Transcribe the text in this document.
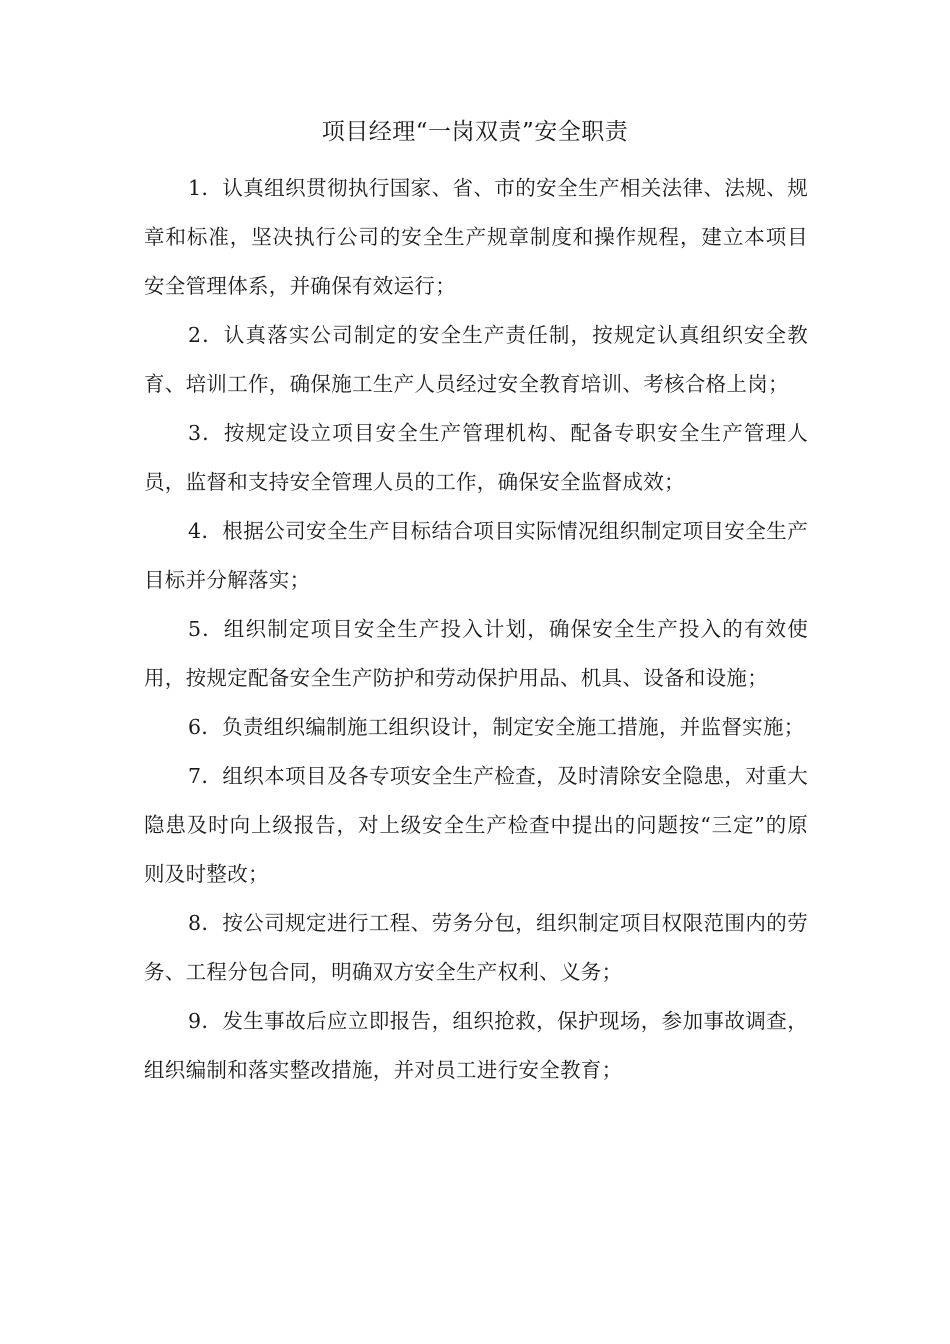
项目经理“一岗双责”安全职责

1．认真组织贯彻执行国家、省、市的安全生产相关法律、法规、规章和标准，坚决执行公司的安全生产规章制度和操作规程，建立本项目安全管理体系，并确保有效运行；

2．认真落实公司制定的安全生产责任制，按规定认真组织安全教育、培训工作，确保施工生产人员经过安全教育培训、考核合格上岗；

3．按规定设立项目安全生产管理机构、配备专职安全生产管理人员，监督和支持安全管理人员的工作，确保安全监督成效；

4．根据公司安全生产目标结合项目实际情况组织制定项目安全生产目标并分解落实；

5．组织制定项目安全生产投入计划，确保安全生产投入的有效使用，按规定配备安全生产防护和劳动保护用品、机具、设备和设施；

6．负责组织编制施工组织设计，制定安全施工措施，并监督实施；

7．组织本项目及各专项安全生产检查，及时清除安全隐患，对重大隐患及时向上级报告，对上级安全生产检查中提出的问题按“三定”的原则及时整改；

8．按公司规定进行工程、劳务分包，组织制定项目权限范围内的劳务、工程分包合同，明确双方安全生产权利、义务；

9．发生事故后应立即报告，组织抢救，保护现场，参加事故调查，组织编制和落实整改措施，并对员工进行安全教育；
